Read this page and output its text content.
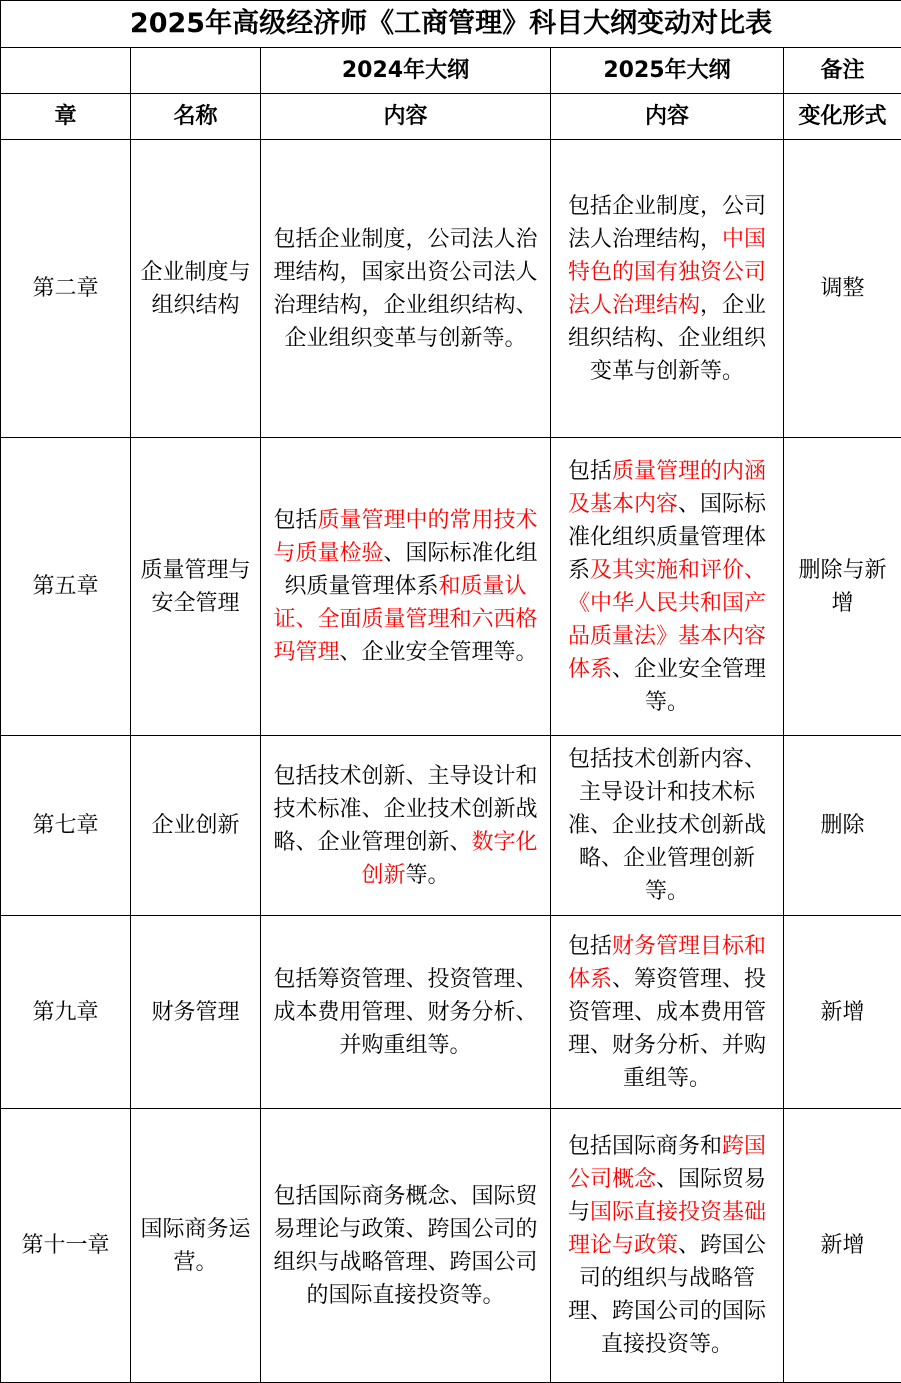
2025年高级经济师《工商管理》科目大纲变动对比表				
		2024年大纲	2025年大纲	备注
章	名称	内容	内容	变化形式
第二章	企业制度与组织结构	包括企业制度，公司法人治理结构，国家出资公司法人治理结构，企业组织结构、企业组织变革与创新等。	包括企业制度，公司法人治理结构，中国特色的国有独资公司法人治理结构，企业组织结构、企业组织变革与创新等。	调整
第五章	质量管理与安全管理	包括质量管理中的常用技术与质量检验、国际标准化组织质量管理体系和质量认证、全面质量管理和六西格玛管理、企业安全管理等。	包括质量管理的内涵及基本内容、国际标准化组织质量管理体系及其实施和评价、《中华人民共和国产品质量法》基本内容体系、企业安全管理等。	删除与新增
第七章	企业创新	包括技术创新、主导设计和技术标准、企业技术创新战略、企业管理创新、数字化创新等。	包括技术创新内容、主导设计和技术标准、企业技术创新战略、企业管理创新等。	删除
第九章	财务管理	包括筹资管理、投资管理、成本费用管理、财务分析、并购重组等。	包括财务管理目标和体系、筹资管理、投资管理、成本费用管理、财务分析、并购重组等。	新增
第十一章	国际商务运营。	包括国际商务概念、国际贸易理论与政策、跨国公司的组织与战略管理、跨国公司的国际直接投资等。	包括国际商务和跨国公司概念、国际贸易与国际直接投资基础理论与政策、跨国公司的组织与战略管理、跨国公司的国际直接投资等。	新增
